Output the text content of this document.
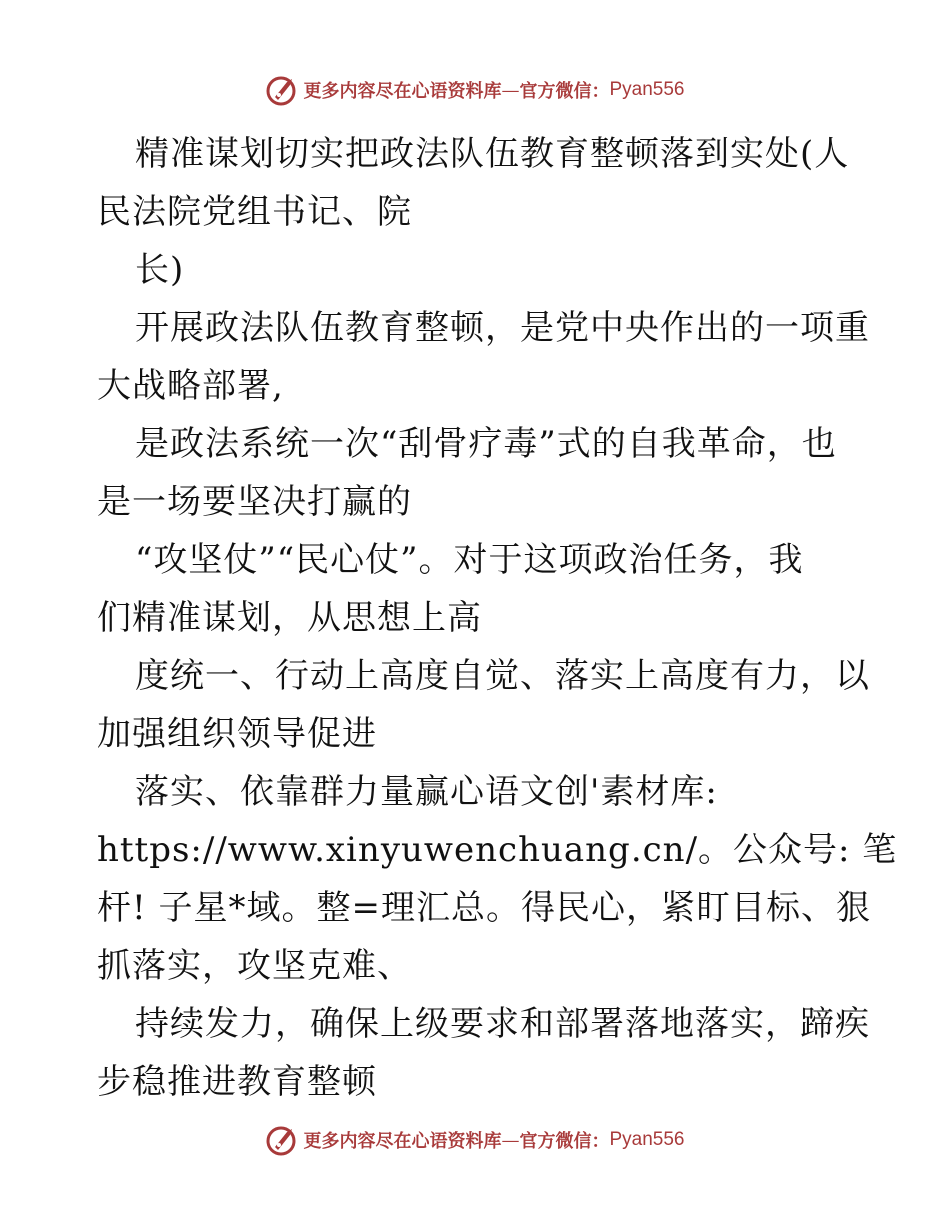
更多内容尽在心语资料库 — 官方微信： Pyan556
精准谋划切实把政法队伍教育整顿落到实处(人
民法院党组书记、院
长)
开展政法队伍教育整顿，是党中央作出的一项重
大战略部署,
是政法系统一次“刮骨疗毒”式的自我革命，也
是一场要坚决打赢的
“攻坚仗”“民心仗”。对于这项政治任务，我
们精准谋划，从思想上高
度统一、行动上高度自觉、落实上高度有力，以
加强组织领导促进
落实、依靠群力量赢心语文创'素材库:
https://www.xinyuwenchuang.cn/。公众号: 笔
杆! 子星*域。整=理汇总。得民心，紧盯目标、狠
抓落实，攻坚克难、
持续发力，确保上级要求和部署落地落实，蹄疾
步稳推进教育整顿
更多内容尽在心语资料库 — 官方微信： Pyan556
